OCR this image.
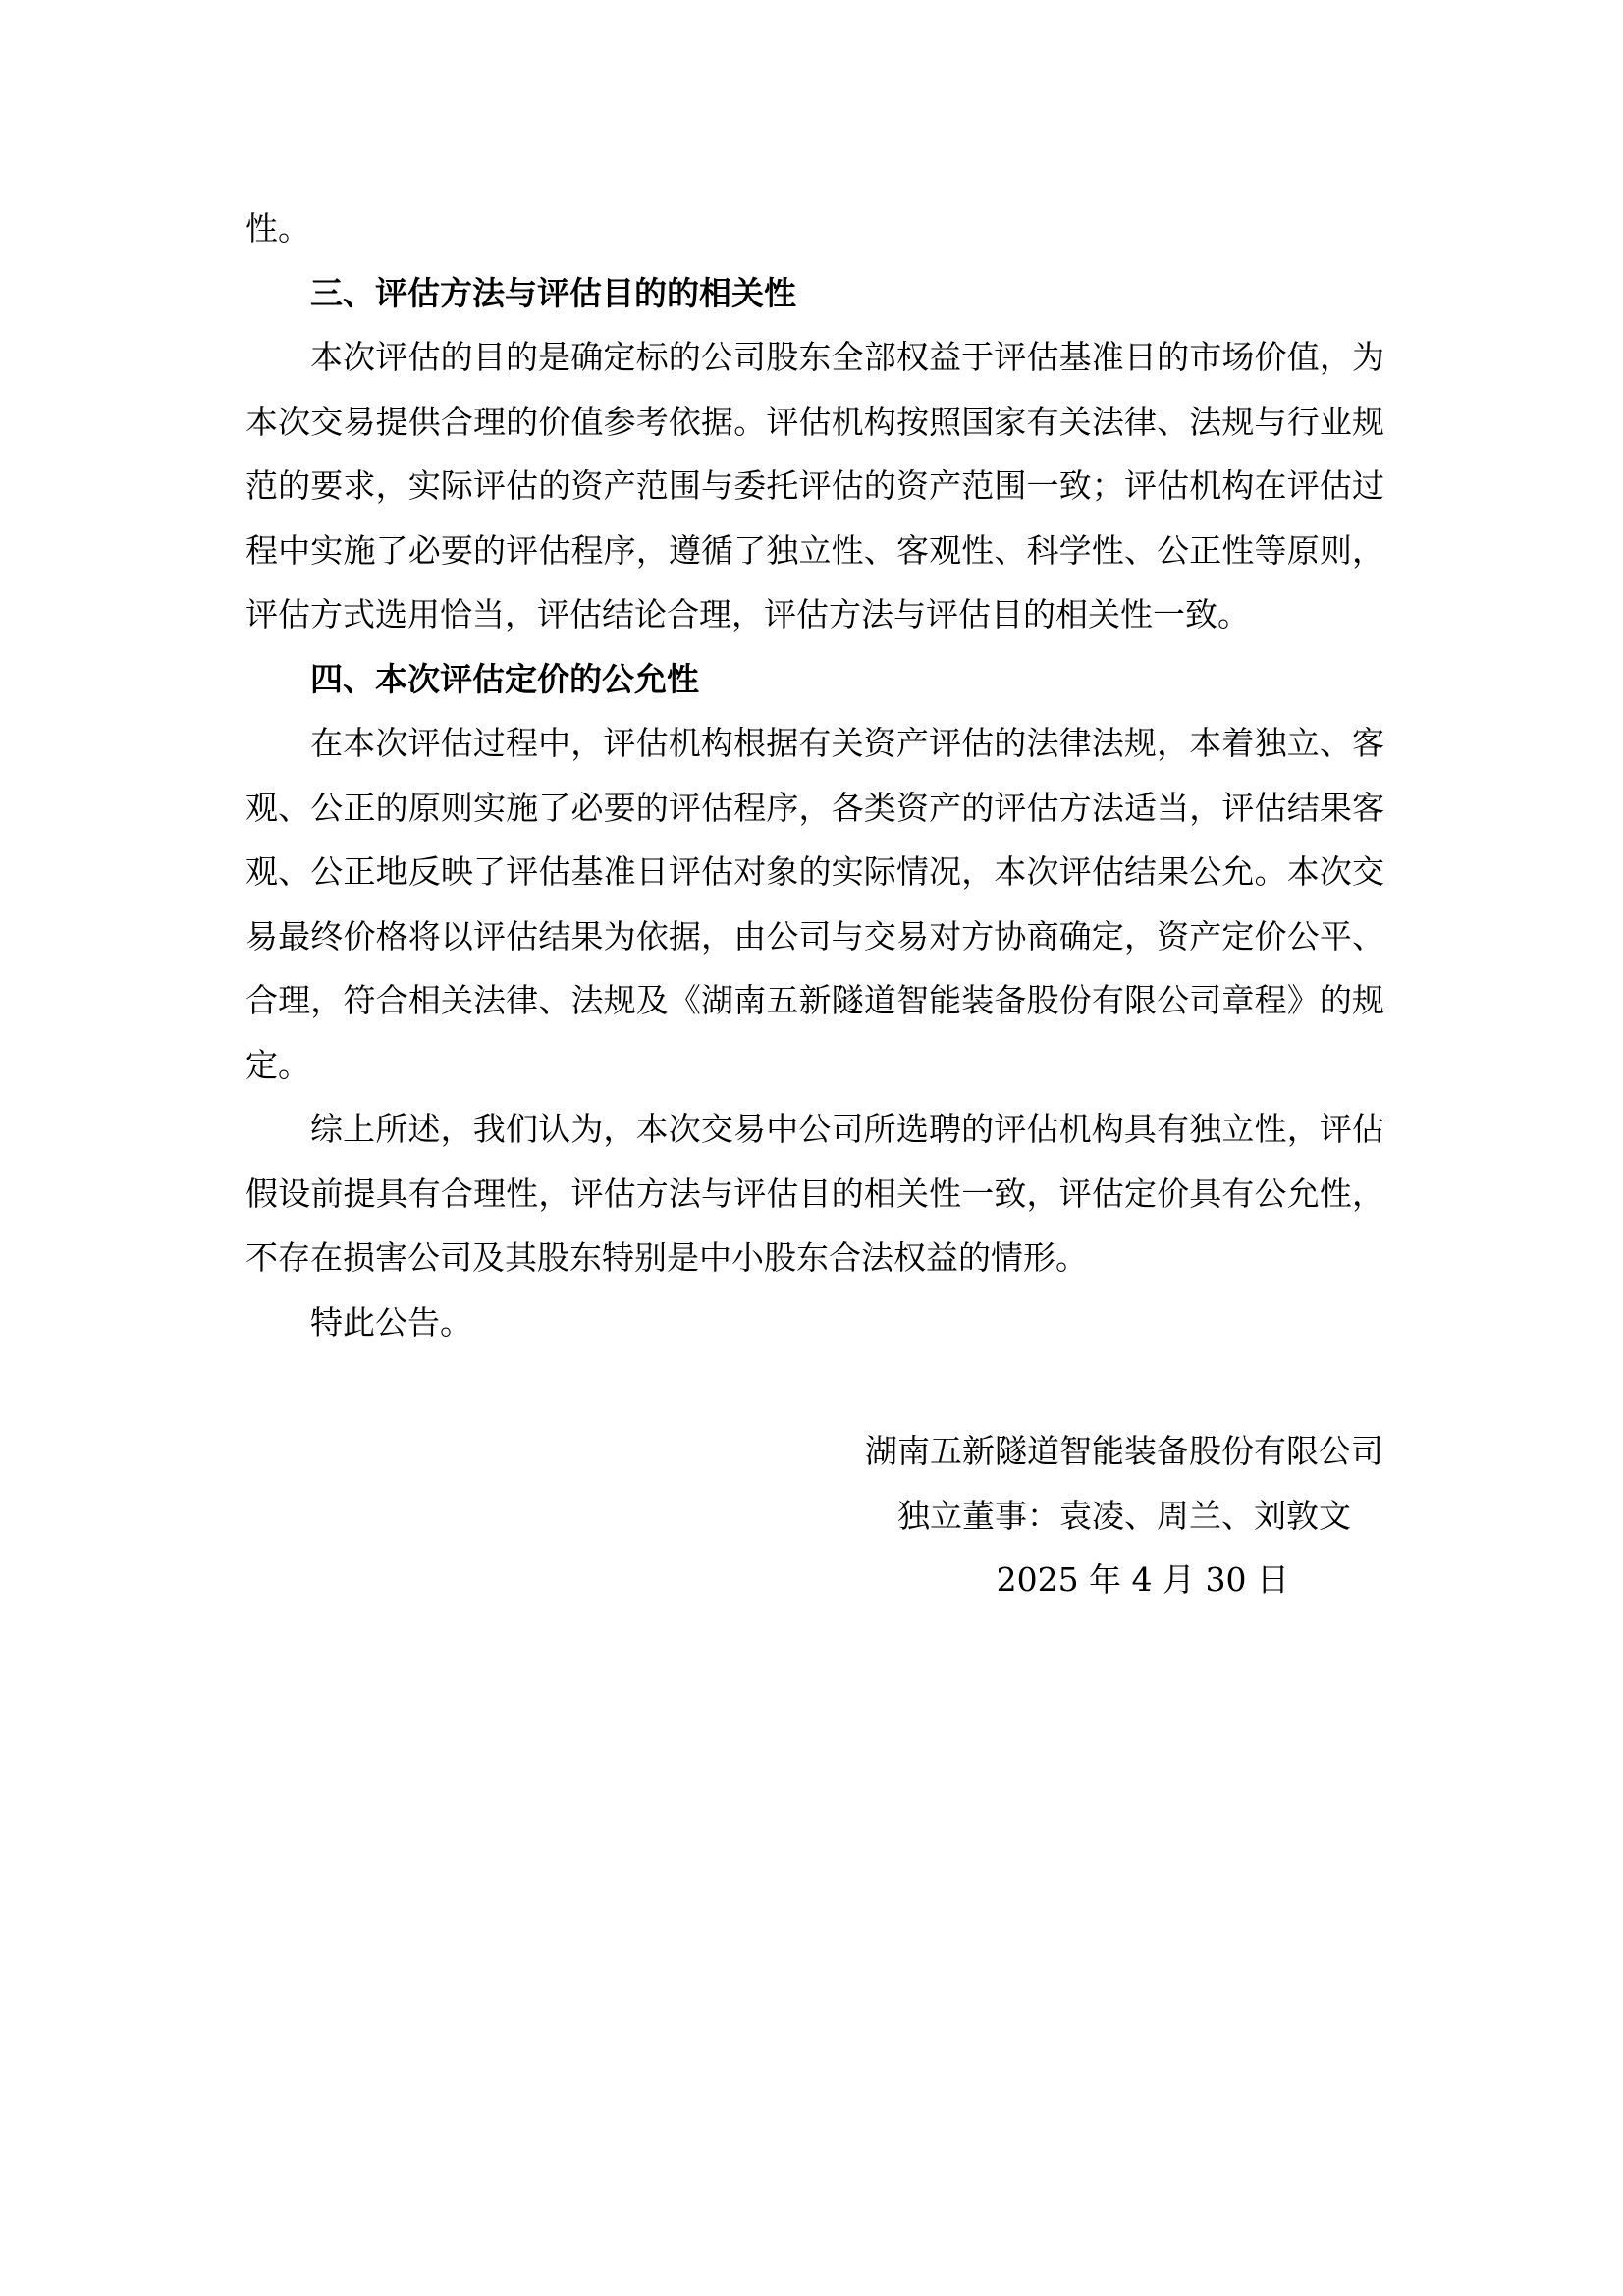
性。
三、评估方法与评估目的的相关性
本次评估的目的是确定标的公司股东全部权益于评估基准日的市场价值，为
本次交易提供合理的价值参考依据。评估机构按照国家有关法律、法规与行业规
范的要求，实际评估的资产范围与委托评估的资产范围一致；评估机构在评估过
程中实施了必要的评估程序，遵循了独立性、客观性、科学性、公正性等原则，
评估方式选用恰当，评估结论合理，评估方法与评估目的相关性一致。
四、本次评估定价的公允性
在本次评估过程中，评估机构根据有关资产评估的法律法规，本着独立、客
观、公正的原则实施了必要的评估程序，各类资产的评估方法适当，评估结果客
观、公正地反映了评估基准日评估对象的实际情况，本次评估结果公允。本次交
易最终价格将以评估结果为依据，由公司与交易对方协商确定，资产定价公平、
合理，符合相关法律、法规及《湖南五新隧道智能装备股份有限公司章程》的规
定。
综上所述，我们认为，本次交易中公司所选聘的评估机构具有独立性，评估
假设前提具有合理性，评估方法与评估目的相关性一致，评估定价具有公允性，
不存在损害公司及其股东特别是中小股东合法权益的情形。
特此公告。
湖南五新隧道智能装备股份有限公司
独立董事：袁凌、周兰、刘敦文
2025 年 4 月 30 日
